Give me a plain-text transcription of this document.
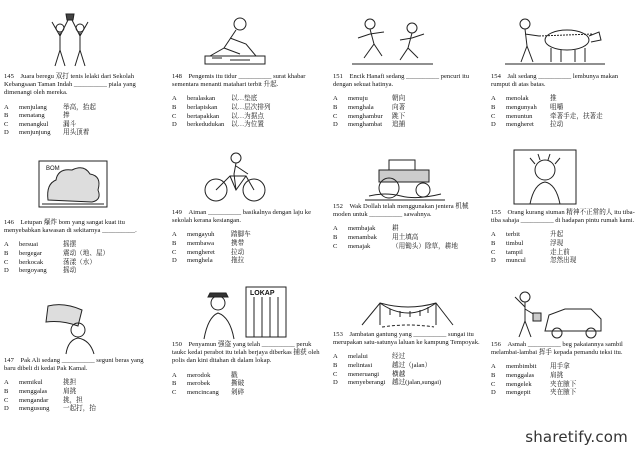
BOM
LOKAP
145 Juara beregu 双打 tenis lelaki dari Sekolah Kebangsaan Taman Indah __________ piala yang dimenangi oleh mereka.
A	menjulang	举高，抬起
B	menatang	捧
C	menangkul	漏斗
D	menjunjung	用头顶着
146 Letupan 爆炸 bom yang sangat kuat itu menyebabkan kawasan di sekitarnya __________.
A	bersuai	摇摆
B	bergegar	震动（地、屋）
C	berkocak	荡漾（水）
D	bergoyang	摇动
147 Pak Ali sedang __________ seguni beras yang baru dibeli di kedai Pak Kamal.
A	memikul	挑担
B	menggalas	肩挑
C	mengandar	挑，担
D	mengusung	一起打，抬
148 Pengemis itu tidur __________ surat khabar sementara menanti matahari terbit 升起.
A	beralaskan	以…垫底
B	berlapiskan	以…层次排列
C	bertapakkan	以…为据点
D	berkedudukan	以…为位置
149 Aiman __________ basikalnya dengan laju ke sekolah kerana kesiangan.
A	mengayuh	踏脚车
B	membawa	携带
C	mengheret	拉动
D	menghela	拖拉
150 Penyamun 强盗 yang telah __________ peruk taukc kedai perabot itu telah berjaya diberkas 捕获 oleh polis dan kini ditahan di dalam lokap.
A	merodok	戳
B	merobek	撕破
C	mencincang	剁碎
151 Encik Hanafi sedang __________ pencuri itu dengan sekuat hatinya.
A	menuju	朝向
B	menghala	向著
C	menghambur	跳下
D	menghambat	追捕
152 Wak Dollah telah menggunakan jentera 机械 moden untuk __________ sawahnya.
A	membajak	耕
B	menambak	用土填高
C	menajak	（用锄头）除草，耕地
153 Jambatan gantung yang __________ sungai itu merupakan satu-satunya laluan ke kampung Tempoyak.
A	melalui	经过
B	melintasi	越过（jalan）
C	meneruangi	横越
D	menyeberangi	越过(jalan,sungai)
154 Jali sedang __________ lembunya makan rumput di atas batas.
A	menolak	推
B	mengunyah	咀嚼
C	menuntun	牵著手走，扶著走
D	mengheret	拉动
155 Orang kurang siuman 精神不正常的人 itu tiba-tiba sahaja __________ di hadapan pintu rumah kami.
A	terbit	升起
B	timbul	浮现
C	tampil	走上前
D	muncul	忽然出现
156 Asmah __________ beg pakaiannya sambil melambai-lambai 挥手 kepada pemandu teksi itu.
A	membimbit	用手拿
B	menggalas	肩挑
C	mengelek	夹在腋下
D	mengepit	夹在腋下
sharetify.com
